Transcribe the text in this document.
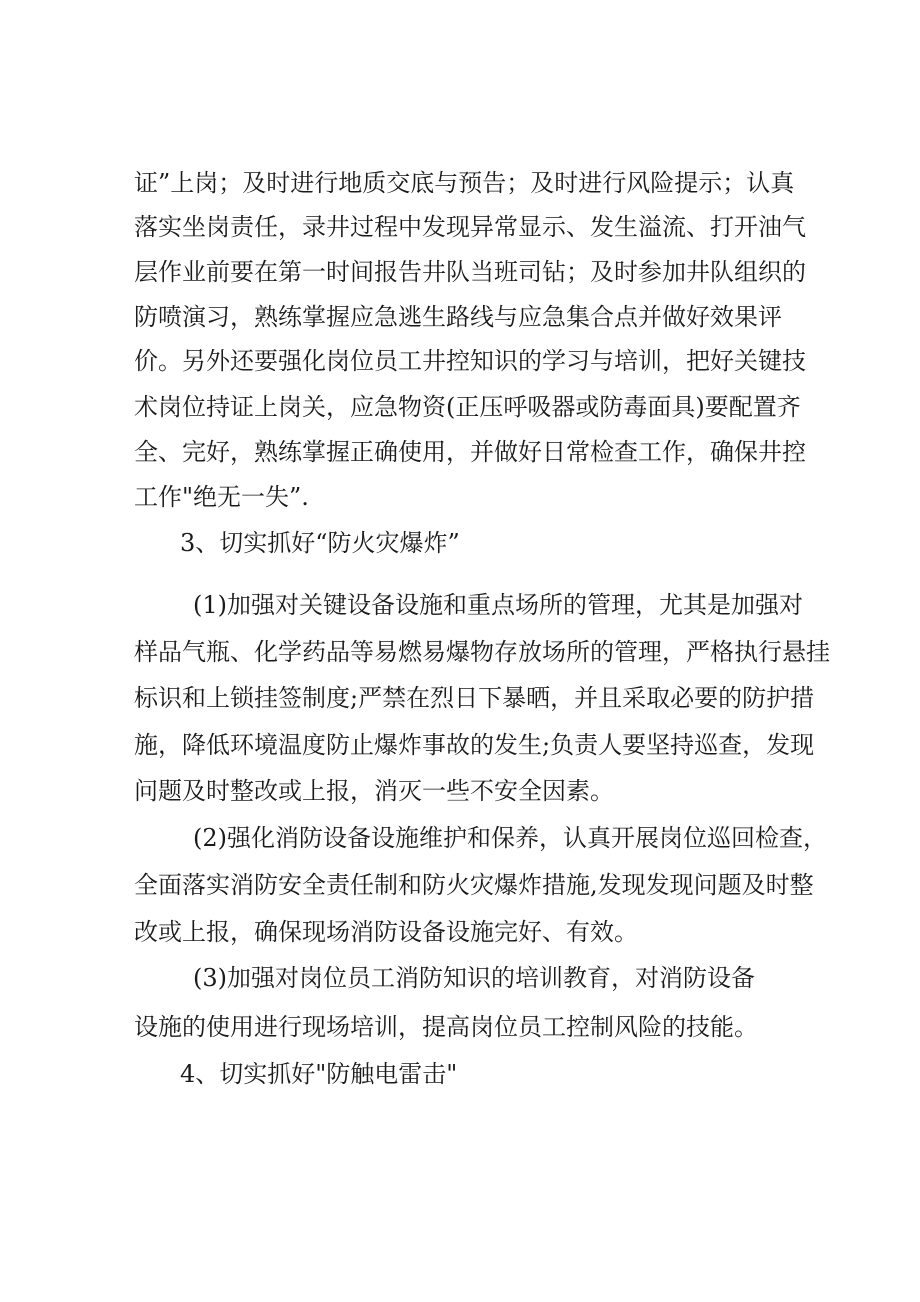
证”上岗；及时进行地质交底与预告；及时进行风险提示；认真
落实坐岗责任，录井过程中发现异常显示、发生溢流、打开油气
层作业前要在第一时间报告井队当班司钻；及时参加井队组织的
防喷演习，熟练掌握应急逃生路线与应急集合点并做好效果评
价。另外还要强化岗位员工井控知识的学习与培训，把好关键技
术岗位持证上岗关，应急物资(正压呼吸器或防毒面具)要配置齐
全、完好，熟练掌握正确使用，并做好日常检查工作，确保井控
工作"绝无一失”.
3、切实抓好“防火灾爆炸”
(1)加强对关键设备设施和重点场所的管理，尤其是加强对
样品气瓶、化学药品等易燃易爆物存放场所的管理，严格执行悬挂
标识和上锁挂签制度;严禁在烈日下暴晒，并且采取必要的防护措
施，降低环境温度防止爆炸事故的发生;负责人要坚持巡查，发现
问题及时整改或上报，消灭一些不安全因素。
(2)强化消防设备设施维护和保养，认真开展岗位巡回检查，
全面落实消防安全责任制和防火灾爆炸措施,发现发现问题及时整
改或上报，确保现场消防设备设施完好、有效。
(3)加强对岗位员工消防知识的培训教育，对消防设备
设施的使用进行现场培训，提高岗位员工控制风险的技能。
4、切实抓好"防触电雷击"
